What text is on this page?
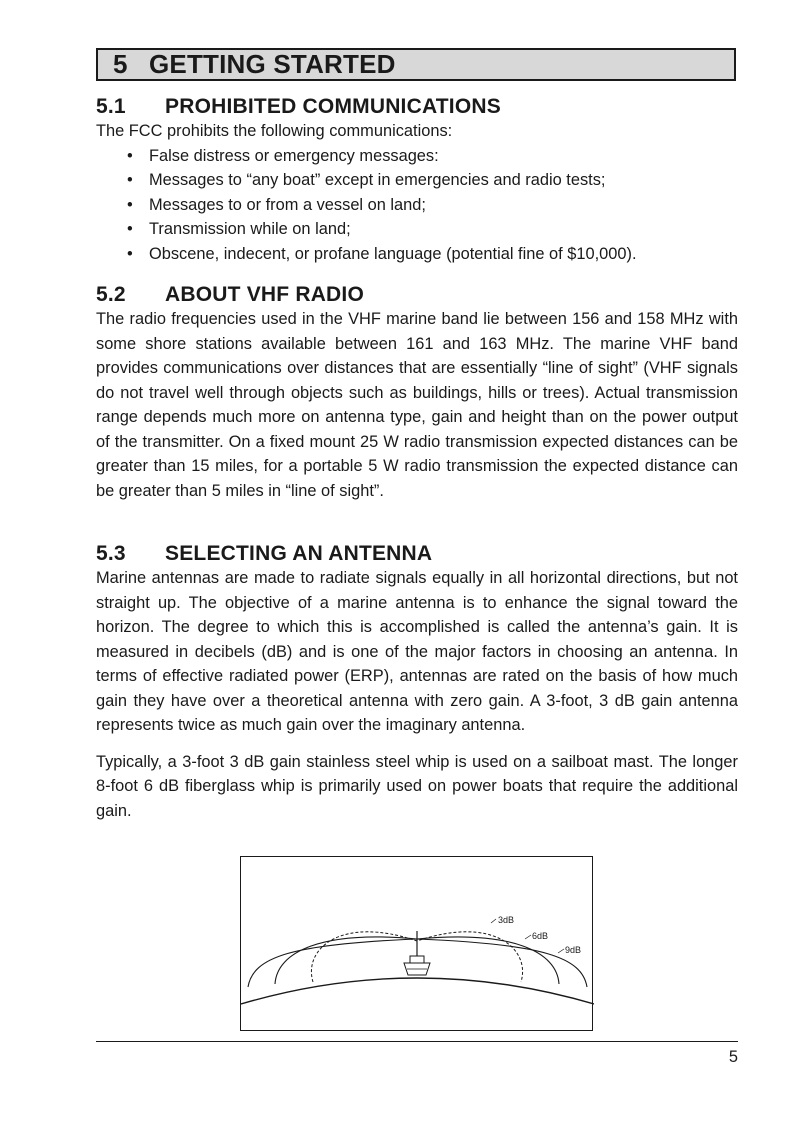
5 GETTING STARTED
5.1 PROHIBITED COMMUNICATIONS

The FCC prohibits the following communications:

• False distress or emergency messages:
• Messages to “any boat” except in emergencies and radio tests;
• Messages to or from a vessel on land;
• Transmission while on land;
• Obscene, indecent, or profane language (potential fine of $10,000).
5.2 ABOUT VHF RADIO

The radio frequencies used in the VHF marine band lie between 156 and 158 MHz with some shore stations available between 161 and 163 MHz. The marine VHF band provides communications over distances that are essentially “line of sight” (VHF signals do not travel well through objects such as buildings, hills or trees). Actual transmission range depends much more on antenna type, gain and height than on the power output of the transmitter. On a fixed mount 25 W radio transmission expected distances can be greater than 15 miles, for a portable 5 W radio transmission the expected distance can be greater than 5 miles in “line of sight”.

5.3 SELECTING AN ANTENNA

Marine antennas are made to radiate signals equally in all horizontal directions, but not straight up. The objective of a marine antenna is to enhance the signal toward the horizon. The degree to which this is accomplished is called the antenna’s gain. It is measured in decibels (dB) and is one of the major factors in choosing an antenna. In terms of effective radiated power (ERP), antennas are rated on the basis of how much gain they have over a theoretical antenna with zero gain. A 3-foot, 3 dB gain antenna represents twice as much gain over the imaginary antenna.

Typically, a 3-foot 3 dB gain stainless steel whip is used on a sailboat mast. The longer 8-foot 6 dB fiberglass whip is primarily used on power boats that require the additional gain.

3dB
6dB
9dB
5
